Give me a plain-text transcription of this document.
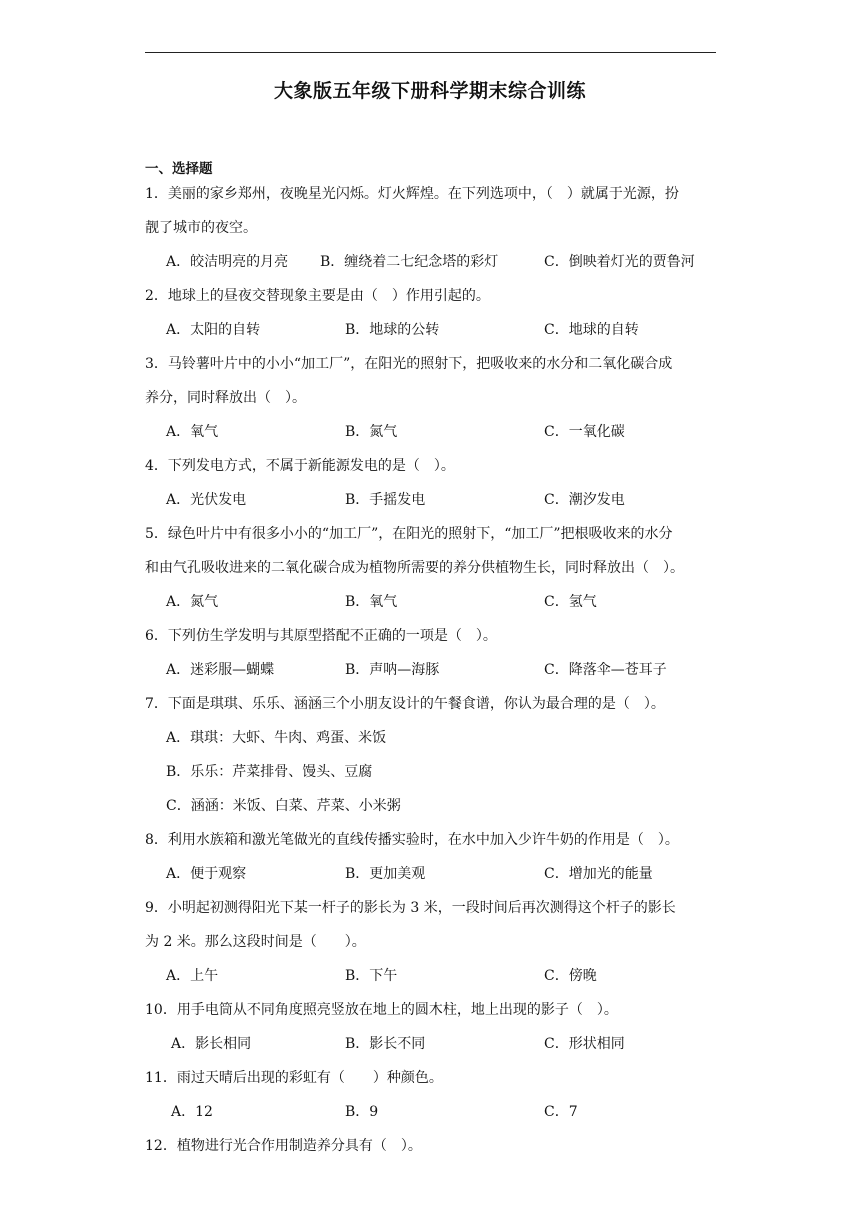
大象版五年级下册科学期末综合训练
一、选择题
1．美丽的家乡郑州，夜晚星光闪烁。灯火辉煌。在下列选项中，（　）就属于光源，扮
靓了城市的夜空。
A．皎洁明亮的月亮 B．缠绕着二七纪念塔的彩灯	C．倒映着灯光的贾鲁河
2．地球上的昼夜交替现象主要是由（　）作用引起的。
A．太阳的自转	B．地球的公转	C．地球的自转
3．马铃薯叶片中的小小“加工厂”，在阳光的照射下，把吸收来的水分和二氧化碳合成
养分，同时释放出（　）。
A．氧气	B．氮气	C．一氧化碳
4．下列发电方式，不属于新能源发电的是（　）。
A．光伏发电	B．手摇发电	C．潮汐发电
5．绿色叶片中有很多小小的“加工厂”，在阳光的照射下，“加工厂”把根吸收来的水分
和由气孔吸收进来的二氧化碳合成为植物所需要的养分供植物生长，同时释放出（　）。
A．氮气	B．氧气	C．氢气
6．下列仿生学发明与其原型搭配不正确的一项是（　）。
A．迷彩服—蝴蝶	B．声呐—海豚	C．降落伞—苍耳子
7．下面是琪琪、乐乐、涵涵三个小朋友设计的午餐食谱，你认为最合理的是（　）。
A．琪琪：大虾、牛肉、鸡蛋、米饭
B．乐乐：芹菜排骨、馒头、豆腐
C．涵涵：米饭、白菜、芹菜、小米粥
8．利用水族箱和激光笔做光的直线传播实验时，在水中加入少许牛奶的作用是（　）。
A．便于观察	B．更加美观	C．增加光的能量
9．小明起初测得阳光下某一杆子的影长为 3 米，一段时间后再次测得这个杆子的影长
为 2 米。那么这段时间是（　　）。
A．上午	B．下午	C．傍晚
10．用手电筒从不同角度照亮竖放在地上的圆木柱，地上出现的影子（　）。
A．影长相同	B．影长不同	C．形状相同
11．雨过天晴后出现的彩虹有（　　）种颜色。
A．12	B．9	C．7
12．植物进行光合作用制造养分具有（　）。
